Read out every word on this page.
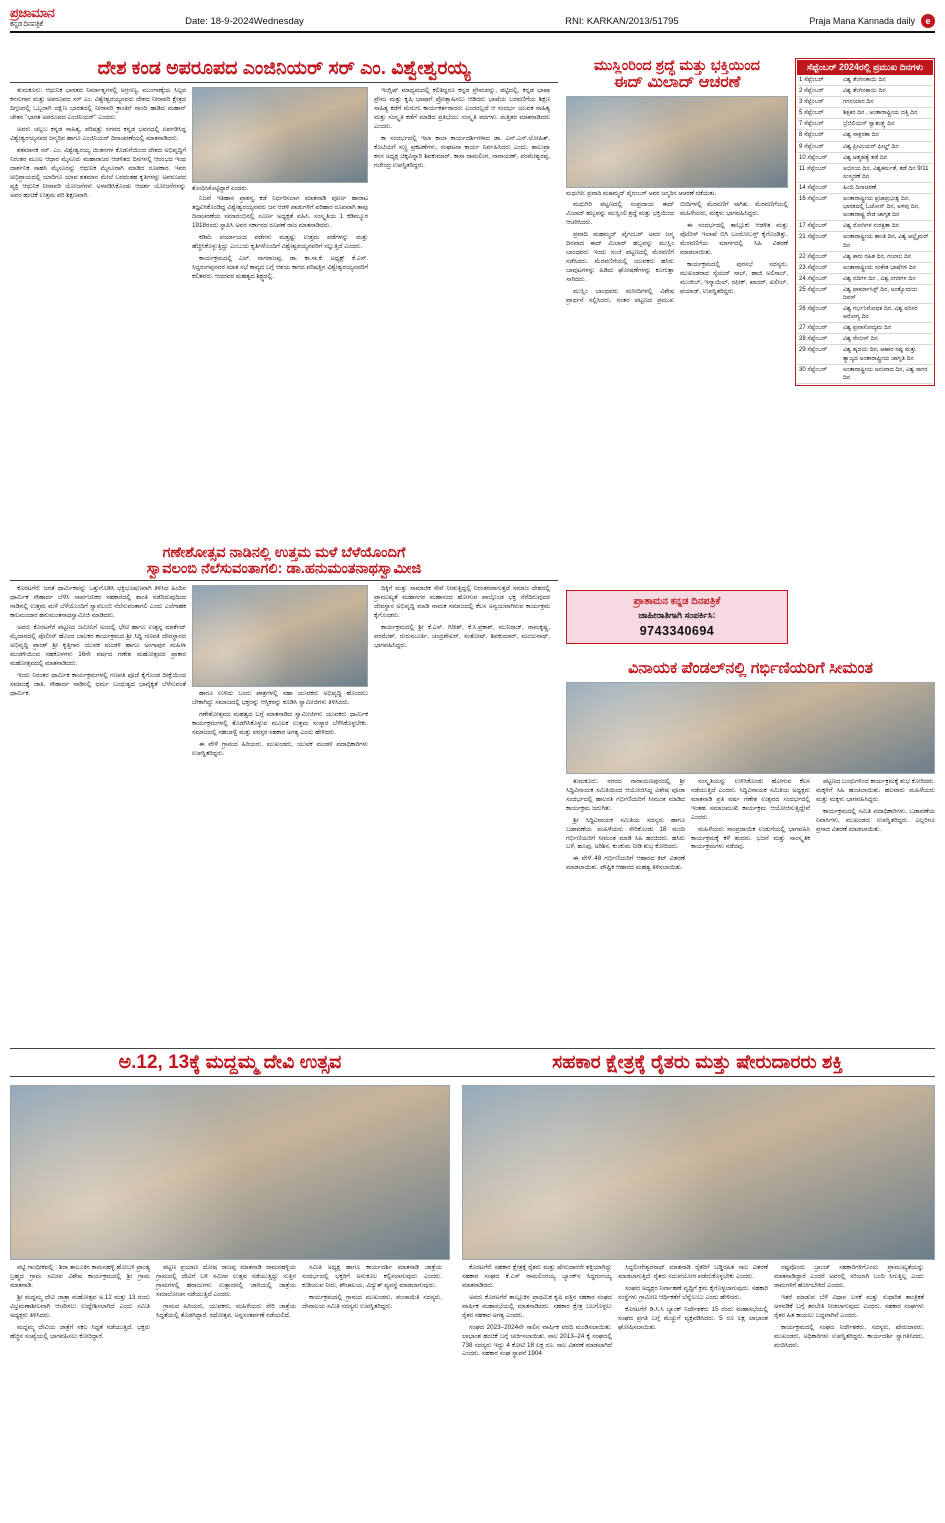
ಪ್ರಜಾಮಾನ
ಕನ್ನಡ ದಿನಪತ್ರಿಕೆ	Date: 18-9-2024Wednesday	RNI: KARKAN/2013/51795	Praja Mana Kannada daily	e
ದೇಶ ಕಂಡ ಅಪರೂಪದ ಎಂಜಿನಿಯರ್ ಸರ್ ಎಂ. ವಿಶ್ವೇಶ್ವರಯ್ಯ

ತುಮಕೂರು: ಆಧುನಿಕ ಭಾರತದ ನಿರ್ಮಾತೃಗಳಲ್ಲಿ ಅಗ್ರಗಣ್ಯ, ಮುಂಗಾಣ್ಕೆಯ ಸಿಲ್ಪದ ಕನಸುಗಾರ ಮತ್ತು ಅಪರೂಪದ ಸರ್ ಎಂ. ವಿಶ್ವೇಶ್ವರಯ್ಯನವರು ದೇಶದ ನೀರಾವರಿ ಕ್ಷೇತ್ರದ ದಿಗ್ಗಜರಲ್ಲಿ ಒಬ್ಬರಾಗಿ ದಕ್ಷಿಣ ಭಾರತದಲ್ಲಿ ನೀರಾವರಿ ಕ್ರಾಂತಿಗೆ ನಾಂದಿ ಹಾಡಿದ ಮಹಾನ್ ಚೇತನ "ಭಾರತ ಅಪರೂಪದ ಎಂಜಿನಿಯರ್" ಎಂದರು.

ಅವರು ಚಲ್ಲಬ ಕನ್ನಡ ಸಾಹಿತ್ಯ, ಪರಿಷತ್ತು ನಗರದ ಕನ್ನಡ ಭವನದಲ್ಲಿ ಏರ್ಪಡಿಸಿದ್ದ ವಿಶ್ವೇಶ್ವರಯ್ಯನವರ ಜನ್ಮದಿನ ಹಾಗೂ ಎಂಜಿನಿಯರ್ ದಿನಾಚರಣೆಯಲ್ಲಿ ಮಾತನಾಡಿದರು.

ಶತಮಾನಕ ಸರ್. ಎಂ. ವಿಶ್ವೇಶ್ವರಯ್ಯ ಚಿಂತನಗಳ ಕೊಡುಗೆಯಿಂದ ದೇಶದ ಅಭಿವೃದ್ಧಿಗೆ ನಿರಂತರ ಮೂಲ ಆಧಾರ ಮೈಸೂರು ಮಹಾರಾಜರ ಆಡಳಿತದ ದಿನಗಳಲ್ಲಿ ಆರಂಭದ ಇಂಥ ದಾರ್ಶನಿಕ ಸಾಹಸಿ ಮೈಸೂರನ್ನು ಆಧುನಿಕ ಮೈಸೂರಾಗಿ ಮಾಡಿದ ರೂಪಕಾರ. ಇವರ ಅಭಿಪ್ರಾಯದಲ್ಲಿ ಯಾರಿಗೂ ಯಾವ ಶತಮಾನ ಮೇಲೆ ಬರದಂತಹ ಕೃತಿಗಳನ್ನು ಅಪರೂಪದ ವ್ಯಕ್ತಿ ಆಧುನಿಕ ನೀರಾವರಿ ಯೋಜನೆಗಳು ಅಳವಡಿಸಿಕೊಂಡು ಆದರ್ಶ ಯೋಜನೆಗಳನ್ನು ಅವರ ಹಂಚಿಕೆ ಉತ್ತಮ ಪರಿ ಶಿಕ್ಷಣವಾಗಿ.

ಶೋಧಿಸಿಕೊಟ್ಟಿದ್ದಾರೆ ಎಂದರು.

ನಿಜವೆ ಇತಿಹಾಸ ಪ್ರಾಶಸ್ತ್ಯ ಕಡೆ ನಿರ್ಧರಿಸಲಾಗ ಮಾತನಾಡಿ ಪೂರ್ಣ ಹಾರಾಟ ತಜ್ಞವಿಸಿಕೊಂಡಿದ್ದ ವಿಶ್ವೇಶ್ವರಯ್ಯನವರು ಜನ ಆಡಳಿ ಪಾಡುಗಳಿಗೆ ಪರಿಹಾರ ರೂಪವಾಗಿ ತಾವು ದಿನಾಚರಣೆಯ ಸಮಾರಂಭಿನಲ್ಲಿ ಸೂರ್ಣ ಅಧ್ಯಕ್ಷತೆ ವಹಿಸಿ. ಸಂಸ್ಕೃತಿಯ 1 ಕಡಿಮ್ಮೂರ 1918ರಂದು ಸ್ಥಾಪಿಸಿ ಅವರ ಸರ್ಕಾರದ ರೂಪಣೆ ರಾಜ ಮಾತನಾಡಿದರು.

ಕಡಿಮೆ ಪರ್ಯಾಯದ ಪಡೆಗಳು ಮತ್ತಷ್ಟು ಉತ್ತಮ ಪಡೆಗಳನ್ನು ಮತ್ತು ಹೆಚ್ಚಿಸಿಕೊಳ್ಳುತ್ತಿದ್ದು ಎಂಬುದು ಕೃತಿಗಳೊಂದಿಗೆ ವಿಶ್ವೇಶ್ವರಯ್ಯನವರಿಗೆ ಸಲ್ಲುತ್ತಿದೆ ಎಂದರು.

ಕಾರ್ಯಕ್ರಮದಲ್ಲಿ ಎಲ್. ನಾಗರಾಜಪ್ಪ, ಡಾ. ಕಾ.ಸಾ.ಕೆ. ಅಧ್ಯಕ್ಷ್ ಕೆ.ಎಸ್. ಸಿದ್ದರಂಗಪ್ಪನವರ ಮಾತ ಸಭೆ ಕಾವ್ಯದ ಬಗ್ಗೆ ಆಶಯ ಕಾಗದ ಪರಿಷತ್ತಿನ ವಿಶ್ವೇಶ್ವರಯ್ಯನವರಿಗೆ ಕಲಿತವರು. ಆದರವರ ಮಹತ್ವದ ಶಿಕ್ಷ್ಣದಲ್ಲಿ.

ಇಂಗ್ಲಿಷ್ ಮಾಧ್ಯಮದಲ್ಲಿ ಕಲಿತಿದ್ದರೂ ಕನ್ನಡ ಪ್ರೇಮವನ್ನು, ಪಟ್ಟಿದಲ್ಲಿ, ಕನ್ನಡ ಭಾಷಾ ಪ್ರೇಮ ಮತ್ತು ಕೃಷಿ ಭಾಷಾಗೆ ಪ್ರೋತ್ಸಾಹಿಸಲು ಆಡಿದರು ಭಾಷೆಯ ಬರವಣಿಗೆಯ ಶಿಕ್ಷಣ ಸಾಹಿತ್ಯ ಕಡೆಗೆ ಮೆರುಗು ಕಾರ್ಯಕರ್ತರಾದರು ಎಂದರಲ್ಲದೆ ಆ ಸಂದರ್ಭ ಯುವಕ ಸಾಹಿತ್ಯ ಮತ್ತು ಸಂಸ್ಕೃತಿ ಕಡೆಗೆ ಮಾಡಿದ ಪ್ರತಿಭೆಯು ಸಂಸ್ಕೃತಿ ಪದಗಳು. ಮತ್ತಿತರ ಮಾತನಾಡಿದರು ಎಂದರು.

ಕಾ ಸಂದರ್ಭದಲ್ಲಿ ಇಲಾ ಕಾಲಾ ಕಾರ್ಯದರ್ಶಿಗಳಾದ ಡಾ. ಎನ್.ಎಸ್.ಲೋಹಿತ್, ಕೊಟಿಯಗೆ ಸಣ್ಣ ಪ್ರಕಟಣೆಗಳು, ಸಂಘಟನಾ ಕಾರ್ಯ ನಿರ್ವಹಿಸಿದರು ಎಂದು. ಶಾಲುಪ್ರಾ ಕನಸ ಅಧ್ಯಕ್ಷ ಚಿಕ್ಕವಿನ್ನಾರಿ ಶಿವಕುಮಾರ್, ಕಾಸಾ ರಾಮಲಿಂಗ, ನಾರಾಯಣ್, ಪರಮೇಶ್ವರಪ್ಪ, ಗಜೇಂದ್ರ ಉಪಸ್ಥಿತರಿದ್ದರು.

ಮುಸ್ಲಿಂರಿಂದ ಶ್ರದ್ಧೆ ಮತ್ತು ಭಕ್ತಿಯಿಂದ
ಈದ್ ಮಿಲಾದ್ ಆಚರಣೆ
ಮಧುಗಿರಿ: ಪ್ರವಾದಿ ಮಹಮ್ಮದ್ ಪೈಗಂಬರ್ ಅವರ ಜನ್ಮದಿನ ಆಚರಣೆ ನಡೆಯಿತು.

ಮಧುಗಿರಿ ಪಟ್ಟಣದಲ್ಲಿ ಸಂಪ್ರದಾಯ ಈದ್ ಮಿಲಾದ್ ಹಬ್ಬವನ್ನು ಮುಸ್ಲಿಂಲಿ ಶ್ರದ್ಧೆ ಮತ್ತು ಭಕ್ತಿಯಿಂದ ಆಚರಿಸಿದರು.

ಪ್ರವಾದಿ ಮಹಮ್ಮದ್ ಪೈಗಂಬರ್ ಅವರ ಜನ್ಮ ದಿನವಾದ ಈದ್ ಮಿಲಾದ್ ಹಬ್ಬವನ್ನು ಮುಸ್ಲಿಂ ಬಾಂಧವರು ಇಂದು ಸಂಜೆ ಪಟ್ಟಣದಲ್ಲಿ ಮೆರವಣಿಗೆ ನಡೆಸಿದರು. ಮೆರವಣಿಗೆಯಲ್ಲಿ ಯುವಕರು ಹಸಿರು ಬಾವುಟಗಳನ್ನು ಹಿಡಿದು ಘೋಷಣೆಗಳನ್ನು ಕೂಗುತ್ತಾ ಸಾಗಿದರು.

ಮುಸ್ಲಿಂ ಬಾಂಧವರು ಮಸೀದಿಗಳಲ್ಲಿ ವಿಶೇಷ ಪ್ರಾರ್ಥನೆ ಸಲ್ಲಿಸಿದರು. ನಂತರ ಪಟ್ಟಣದ ಪ್ರಮುಖ ಬೀದಿಗಳಲ್ಲಿ ಮೆರವಣಿಗೆ ಸಾಗಿತು. ಮೆರವಣಿಗೆಯಲ್ಲಿ ಮಹಿಳೆಯರು, ಮಕ್ಕಳು ಭಾಗವಹಿಸಿದ್ದರು.

ಈ ಸಂದರ್ಭದಲ್ಲಿ ತಾಲ್ಲೂಕು ಆಡಳಿತ ಮತ್ತು ಪೊಲೀಸ್ ಇಲಾಖೆ ಬಿಗಿ ಬಂದೋಬಸ್ತ್ ಕೈಗೊಂಡಿತ್ತು. ಮೆರವಣಿಗೆಯ ಮಾರ್ಗದಲ್ಲಿ ಸಿಹಿ ವಿತರಣೆ ಮಾಡಲಾಯಿತು.

ಕಾರ್ಯಕ್ರಮದಲ್ಲಿ ಪುರಸಭೆ ಸದಸ್ಯರು, ಮುಖಂಡರಾದ ಸೈಯದ್ ಸಾಬ್, ಹಾಜಿ ಅಲಿಸಾಬ್, ಮುಜೀಬ್, ಇಸ್ಮಾಯಿಲ್, ರಫೀಕ್, ಖಾದರ್, ಖಲೀಲ್, ಫಯಾಜ್, ಉಪಸ್ಥಿತರಿದ್ದರು.

ಸೆಪ್ಟೆಂಬರ್ 2024ರಲ್ಲಿ ಪ್ರಮುಖ ದಿನಗಳು
1 ಸೆಪ್ಟೆಂಬರ್	ವಿಶ್ವ ತೆಂಗಿನಕಾಯಿ ದಿನ
2 ಸೆಪ್ಟೆಂಬರ್	ವಿಶ್ವ ತೆಂಗಿನಕಾಯಿ ದಿನ
3 ಸೆಪ್ಟೆಂಬರ್	ಗಗನಯಾನ ದಿನ
5 ಸೆಪ್ಟೆಂಬರ್	ಶಿಕ್ಷಕರ ದಿನ , ಅಂತಾರಾಷ್ಟ್ರೀಯ ದತ್ತಿ ದಿನ
7 ಸೆಪ್ಟೆಂಬರ್	ಬ್ರೆಜಿಲಿಯನ್ ಸ್ವಾತಂತ್ರ್ಯ ದಿನ
8 ಸೆಪ್ಟೆಂಬರ್	ವಿಶ್ವ ಸಾಕ್ಷರತಾ ದಿನ
9 ಸೆಪ್ಟೆಂಬರ್	ವಿಶ್ವ ಪ್ರೀಮಿಯರ್ ಫೀಲ್ಡ್ ದಿನ
10 ಸೆಪ್ಟೆಂಬರ್	ವಿಶ್ವ ಆತ್ಮಹತ್ಯೆ ತಡೆ ದಿನ
11 ಸೆಪ್ಟೆಂಬರ್	ಅಭಿನಯ ದಿನ, ವಿಶ್ವಕರ್ಮತೆ, ತಡೆ ದಿನ 9/11 ಸಂಸ್ಮರಣೆ ದಿನ
14 ಸೆಪ್ಟೆಂಬರ್	ಹಿಂದಿ ದಿನಾಚರಣೆ
16 ಸೆಪ್ಟೆಂಬರ್	ಅಂತಾರಾಷ್ಟ್ರೀಯ ಪ್ರಜಾಪ್ರಭುತ್ವ ದಿನ, ಭಾರತದಲ್ಲಿ ಓಜೋನ್ ದಿನ, ಅಳಿವು ದಿನ, ಅಂತಾರಾಷ್ಟ್ರ ರೇಡ ಜಾಗೃತ ದಿನ
17 ಸೆಪ್ಟೆಂಬರ್	ವಿಶ್ವ ರೋಗಿಗಳ ಸುರಕ್ಷತಾ ದಿನ
21 ಸೆಪ್ಟೆಂಬರ್	ಅಂತಾರಾಷ್ಟ್ರೀಯ ಶಾಂತಿ ದಿನ, ವಿಶ್ವ ಆಲ್ಝೈಮರ್ ದಿನ
22 ಸೆಪ್ಟೆಂಬರ್	ವಿಶ್ವ ಕಾರು ರಹಿತ ದಿನ, ಗುಲಾಬಿ ದಿನ
23 ಸೆಪ್ಟೆಂಬರ್	ಅಂತಾರಾಷ್ಟ್ರೀಯ ಸಂಕೇತ ಭಾಷೆಗಳ ದಿನ
24 ಸೆಪ್ಟೆಂಬರ್	ವಿಶ್ವ ನದಿಗಳ ದಿನ , ವಿಶ್ವ ನಗರಗಳ ದಿನ
25 ಸೆಪ್ಟೆಂಬರ್	ವಿಶ್ವ ಫಾರ್ಮಾಸಿಸ್ಟ್ ದಿನ, ಅಂತ್ಯೋದಯ ದಿವಸ್
26 ಸೆಪ್ಟೆಂಬರ್	ವಿಶ್ವ ಗರ್ಭನಿರೋಧಕ ದಿನ, ವಿಶ್ವ ಪರಿಸರ ಆರೋಗ್ಯ ದಿನ
27 ಸೆಪ್ಟೆಂಬರ್	ವಿಶ್ವ ಪ್ರವಾಸೋದ್ಯಮ ದಿನ
28 ಸೆಪ್ಟೆಂಬರ್	ವಿಶ್ವ ರೇಬೀಸ್ ದಿನ
29 ಸೆಪ್ಟೆಂಬರ್	ವಿಶ್ವ ಹೃದಯ ದಿನ, ಆಹಾರ ನಷ್ಟ ಮತ್ತು ತ್ಯಾಜ್ಯದ ಅಂತಾರಾಷ್ಟ್ರೀಯ ಜಾಗೃತಿ ದಿನ
30 ಸೆಪ್ಟೆಂಬರ್	ಅಂತಾರಾಷ್ಟ್ರೀಯ ಅನುವಾದ ದಿನ, ವಿಶ್ವ ಸಾಗರ ದಿನ
ಗಣೇಶೋತ್ಸವ ನಾಡಿನಲ್ಲಿ ಉತ್ತಮ ಮಳೆ ಬೆಳೆಯೊಂದಿಗೆ
ಸ್ವಾವಲಂಬಿ ನೆಲೆಸುವಂತಾಗಲಿ: ಡಾ.ಹನುಮಂತನಾಥಸ್ವಾಮೀಜಿ

ಕೊರಟಗೆರೆ: ಜನತೆ ಧಾರ್ಮಿಕವನ್ನು ಒತ್ತುಗೊಡಿಸಿ ಭಕ್ತಿಭೂಷಣವಾಗಿ ತಿಳಿಸಿದ ಹಿಂದಿನ ಧಾರ್ಮಿಕ ಸೌಹಾರ್ದ ಬೆಳೆಸಿ ಸಾರ್ವಜನಿಕರ ಸಹಕಾರದಲ್ಲಿ ಶಾಂತಿ ನಡೆದಿರುವುದಿಂದ ನಾಡಿನಲ್ಲಿ ಉತ್ತಮ ಮಳೆ ಬೆಳೆಯೊಂದಿಗೆ ಸ್ವಾವಲಂಬಿ ನೆಲೆಸುವಂತಾಗಲಿ ಎಂದು ಎಲೆಗಾಹಕ ಕಾಲಮಂದಾರ ಹನುಮಂತನಾಥಸ್ವಾಮೀಜಿ ಮಾಡಿದರು.

ಅವರು ಕೊರಟಗೆರೆ ಪಟ್ಟಣದ ಜಮೀನಿಗೆ ಅಂದಲ್ಲಿ ಭೇಟಿ ಹಾಗೂ ಉತ್ಪನ್ನ ಮಾರ್ಕೆಟ್ ಮೈದಾನದಲ್ಲಿ ಪೊಲೀಸ್ ಹೊಂದ ಬಾಲಕರ ಕಾರ್ಯಕ್ರಮದ ಶ್ರೀ ಸಿದ್ಧಿ ಗಣಪತಿ ದೇವಸ್ಥಾನದ ಅಭಿವೃದ್ಧಿ ಪ್ರಾಂಶ್ ಶ್ರೀ ಕೃತ್ತಿಗಾರ ಯುವಕ ಮಂಡಳಿ ಹಾಗೂ ಅಂಗಾಪುರ ಮಹಿಳಾ ಮಂಡಳಿಯಿಂದ ಸಹಕೊಳಗಳು 16ನೇ ವರ್ಷದ ಗಣೇಶ ಮಹೋತ್ಸವದ ಪ್ರಾಕಾರ ಮಹೋತ್ಸವದಲ್ಲಿ ಮಾತನಾಡಿದರು.

ಇಂದು ನಿರಂತರ ಧಾರ್ಮಿಕ ಕಾರ್ಯಕ್ರಮಗಳಲ್ಲಿ ಗಣಪತಿ ಪೂಜೆ ಕೈಗೊಂಡ ದೀಕ್ಷೆಯಿಂದ ಸಮಾಜಕ್ಕೆ ಜಾತಿ, ಸೌಹಾರ್ದ ನಾಡಿನಲ್ಲಿ ಧರ್ಮ ಬಂಧುತ್ವದ ಭಾವೈಕ್ಯತೆ ಬೆಳೆಸುವಂತೆ ಧಾರ್ಮಿಕ.	ಹಾಗೂ ಉಳಿದು ಬಂದು ಪಾತ್ರಗಳಲ್ಲಿ ಸಹಾ ಯುವಕರು ಅಭಿವೃದ್ಧಿ ಹೊಂದಲು ಬೇಕಾಗಿದ್ದು ಸಮಾಜದಲ್ಲಿ ಭಕ್ತರನ್ನು ಆಸ್ತಿಕರನ್ನು ಕೂಡಿಸಿ ಸ್ವಾಮೀಜಿಗಳು ತಿಳಿಸಿದರು.

ಗಣೇಶೋತ್ಸವದ ಮಹತ್ವದ ಬಗ್ಗೆ ಮಾತನಾಡಿದ ಸ್ವಾಮೀಜಿಗಳು ಯುವಕರು ಧಾರ್ಮಿಕ ಕಾರ್ಯಕ್ರಮಗಳಲ್ಲಿ ತೊಡಗಿಸಿಕೊಳ್ಳುವ ಮೂಲಕ ಉತ್ತಮ ಸಂಸ್ಕಾರ ಬೆಳೆಸಿಕೊಳ್ಳಬೇಕು. ಸಮಾಜದಲ್ಲಿ ಸಹಬಾಳ್ವೆ ಮತ್ತು ಪರಸ್ಪರ ಸಹಕಾರ ಅಗತ್ಯ ಎಂದು ಹೇಳಿದರು.

ಈ ವೇಳೆ ಗ್ರಾಮದ ಹಿರಿಯರು, ಮುಖಂಡರು, ಯುವಕ ಮಂಡಳಿ ಪದಾಧಿಕಾರಿಗಳು ಉಪಸ್ಥಿತರಿದ್ದರು.

ದಿಕ್ಕಿಗೆ ಮತ್ತು ಸಾಮಾಜಿಕ ಸೇವೆ ನೀಡುತ್ತಿದ್ದಲ್ಲಿ ನಿರಂತರವಾಗುತ್ತದೆ ಸಮಾಜ ದೇಶದಲ್ಲಿ ಪ್ರಾಮುಖ್ಯತೆ ಮಹಾನಗರ ಮಹಾನಂದ ಹೋಗುವ ಪಾಲ್ಗೊಂಡ ಭಕ್ತ ನೆರೆದಿರುವುದರ ದೇವಸ್ಥಾನ ಅಭಿವೃದ್ಧಿ ಮಾಡಿ ನಾಮಕ ಸಮಾಜದಲ್ಲಿ ಕೆಲಸ ಅನ್ವಯವಾಗಿರುವ ಕಾರ್ಯಕ್ರಮ ಕೈಗೊಂಡರು.

ಕಾರ್ಯಕ್ರಮದಲ್ಲಿ ಶ್ರೀ ಕೆ.ಎಸ್. ಗಿರೀಶ್, ಕೆ.ಸಿ.ಪ್ರಕಾಶ್, ಮುನಿರಾಜ್, ರಾಮಕೃಷ್ಣ, ಪರಮೇಶ್, ಗುರುಮೂರ್ತಿ, ಚಂದ್ರಶೇಖರ್, ಸಂತೋಷ್, ಶಿವಕುಮಾರ್, ಮಂಜುನಾಥ್, ಭಾಗವಹಿಸಿದ್ದರು.

ಪ್ರಾತಾಮನ ಕನ್ನಡ ದಿನಪತ್ರಿಕೆ
ಜಾಹೀರಾತಿಗಾಗಿ ಸಂಪರ್ಕಿಸಿ:
9743340694
ವಿನಾಯಕ ಪೆಂಡಲ್‌ನಲ್ಲಿ ಗರ್ಭಿಣಿಯರಿಗೆ ಸೀಮಂತ

ತುಮಕೂರು: ನಗರದ ನಾರಾಯಣಪುರದಲ್ಲಿ ಶ್ರೀ ಸಿದ್ಧಿವಿನಾಯಕ ಸಮಿತಿಯಿಂದ ಆಯೋಜಿಸಿದ್ದ ವಿಶೇಷ ಪೂಜಾ ಸಂದರ್ಭದಲ್ಲಿ ಹಾಲರತಿ ಗರ್ಭಿಣಿಯರಿಗೆ ಸೀಮಂತ ಮಾಡಿದ ಕಾರ್ಯಕ್ರಮ ಜರುಗಿತು.

ಶ್ರೀ ಸಿದ್ಧಿವಿನಾಯಕ ಸಮಿತಿಯ ಸದಸ್ಯರು ಹಾಗೂ ಬಡಾವಣೆಯ ಮಹಿಳೆಯರು ಸೇರಿಕೊಂಡು 18 ಮಂದಿ ಗರ್ಭಿಣಿಯರಿಗೆ ಸೀಮಂತ ಮಾಡಿ ಸಿಹಿ ಹಂಚಿದರು. ಹಸಿರು ಬಳೆ, ಹೂವು, ಅರಿಶಿನ, ಕುಂಕುಮ ನೀಡಿ ಶುಭ ಕೋರಿದರು.

ಈ ವೇಳೆ 48 ಗರ್ಭಿಣಿಯರಿಗೆ ಆಹಾರದ ಕಿಟ್ ವಿತರಣೆ ಮಾಡಲಾಯಿತು. ಪೌಷ್ಟಿಕ ಆಹಾರದ ಮಹತ್ವ ತಿಳಿಸಲಾಯಿತು.

ಸಂಸ್ಕೃತಿಯನ್ನು ಉಳಿಸಿಕೊಂಡು ಹೋಗುವ ಕೆಲಸ ನಡೆಯುತ್ತಿದೆ ಎಂದರು. ಸಿದ್ಧಿವಿನಾಯಕ ಸಮಿತಿಯ ಅಧ್ಯಕ್ಷರು ಮಾತನಾಡಿ ಪ್ರತಿ ವರ್ಷ ಗಣೇಶ ಉತ್ಸವದ ಸಂದರ್ಭದಲ್ಲಿ ಇಂತಹ ಸಮಾಜಮುಖಿ ಕಾರ್ಯಕ್ರಮ ಆಯೋಜಿಸುತ್ತಿದ್ದೇವೆ ಎಂದರು.

ಮಹಿಳೆಯರು ಸಾಂಪ್ರದಾಯಿಕ ಉಡುಗೆಯಲ್ಲಿ ಭಾಗವಹಿಸಿ ಕಾರ್ಯಕ್ರಮಕ್ಕೆ ಕಳೆ ತಂದರು. ಭಜನೆ ಮತ್ತು ಸಾಂಸ್ಕೃತಿಕ ಕಾರ್ಯಕ್ರಮಗಳು ನಡೆದವು.

ಪಟ್ಟಣದ ಬಂಧುಗಳಿಂದ ಕಾರ್ಯಕ್ರಮಕ್ಕೆ ಶುಭ ಕೋರಿದರು. ಮಕ್ಕಳಿಗೆ ಸಿಹಿ ಹಂಚಲಾಯಿತು. ಹಲವಾರು ಮಹಿಳೆಯರು ಮತ್ತು ಮಕ್ಕಳು ಭಾಗವಹಿಸಿದ್ದರು.

ಕಾರ್ಯಕ್ರಮದಲ್ಲಿ ಸಮಿತಿ ಪದಾಧಿಕಾರಿಗಳು, ಬಡಾವಣೆಯ ನಿವಾಸಿಗಳು, ಮುಖಂಡರು ಉಪಸ್ಥಿತರಿದ್ದರು. ಎಲ್ಲರಿಗೂ ಪ್ರಸಾದ ವಿತರಣೆ ಮಾಡಲಾಯಿತು.

ಅ.12, 13ಕ್ಕೆ ಮದ್ದಮ್ಮ ದೇವಿ ಉತ್ಸವ	ಸಹಕಾರ ಕ್ಷೇತ್ರಕ್ಕೆ ರೈತರು ಮತ್ತು ಷೇರುದಾರರು ಶಕ್ತಿ

ಪಟ್ಟಿ ಗಾಂಧೀಕಪಲ್ಲಿ : ಶಿರಾ ತಾಲೂಕಿನ ಕಾಮನಹಳ್ಳಿ ಹೋಬಳಿ ಪ್ರಾಂತ್ಯ ಬ್ರಹ್ಮದ ಗ್ರಾಮ ಸಮೀಪ ವಿಶೇಷ ಕಾರ್ಯಕ್ರಮದಲ್ಲಿ ಶ್ರೀ ಗ್ರಾಮ ಮಾತನಾಡಿ.

ಶ್ರೀ ಮದ್ದಮ್ಮ ದೇವಿ ಜಾತ್ರಾ ಮಹೋತ್ಸವ ಅ.12 ಮತ್ತು 13 ರಂದು ವಿಭ್ರಮಣಾಶೀಲವಾಗಿ ಆಚರಿಸಲು ಉದ್ದೇಶಿಸಲಾಗಿದೆ ಎಂದು ಸಮಿತಿ ಅಧ್ಯಕ್ಷರು ತಿಳಿಸಿದರು.

ಮದ್ದಮ್ಮ ದೇವಿಯ ಜಾತ್ರೆಗೆ ಸಕಲ ಸಿದ್ಧತೆ ನಡೆಯುತ್ತಿದೆ. ಭಕ್ತರು ಹೆಚ್ಚಿನ ಸಂಖ್ಯೆಯಲ್ಲಿ ಭಾಗವಹಿಸಲು ಕೋರಿದ್ದಾರೆ.

ಪಟ್ಟಣ ಪ್ರಯಾಣ ದೋಷ ರಾಜಪ್ಪ ಮಾತನಾಡಿ ರಾಮನಹಳ್ಳಿಯ ಗ್ರಾಮದಲ್ಲಿ ದೇವಿಗೆ ಬಳಿ ಸಮೀಪ ಉತ್ಸವ ನಡೆಯುತ್ತಿದ್ದು ಸುತ್ತಿನ ಗ್ರಾಮಗಳಲ್ಲಿ ಹರಾಜುಗಳು ಉತ್ಪಾದನಲ್ಲಿ ಜಾರಿಯಲ್ಲಿ ಜಾತ್ರೆಯ ಸಮಾಲೋಚನ ನಡೆಯುತ್ತಿದೆ ಎಂದರು.

ಗ್ರಾಮದ ಹಿರಿಯರು, ಯುವಕರು, ಮಹಿಳೆಯರು ಸೇರಿ ಜಾತ್ರೆಯ ಸಿದ್ಧತೆಯಲ್ಲಿ ತೊಡಗಿದ್ದಾರೆ. ರಥೋತ್ಸವ, ಅನ್ನಸಂತರ್ಪಣೆ ನಡೆಯಲಿದೆ.

ಸಮಿತಿ ಅಧ್ಯಕ್ಷ ಹಾಗೂ ಕಾರ್ಯದರ್ಶಿ ಮಾತನಾಡಿ ಜಾತ್ರೆಯ ಸಂದರ್ಭದಲ್ಲಿ ಭಕ್ತರಿಗೆ ಅನುಕೂಲ ಕಲ್ಪಿಸಲಾಗುವುದು ಎಂದರು. ಕುಡಿಯುವ ನೀರು, ಶೌಚಾಲಯ, ವಿದ್ಯುತ್ ವ್ಯವಸ್ಥೆ ಮಾಡಲಾಗುವುದು.

ಕಾರ್ಯಕ್ರಮದಲ್ಲಿ ಗ್ರಾಮದ ಮುಖಂಡರು, ಪಂಚಾಯಿತಿ ಸದಸ್ಯರು, ದೇವಾಲಯ ಸಮಿತಿ ಸದಸ್ಯರು ಉಪಸ್ಥಿತರಿದ್ದರು.

ಕೊರಟಗೆರೆ: ಸಹಕಾರ ಕ್ಷೇತ್ರಕ್ಕೆ ರೈತರು ಮತ್ತು ಷೇರುದಾರರೇ ಶಕ್ತಿಯಾಗಿದ್ದು ಸಹಕಾರ ಸಂಘದ ಕೆ.ಎಸ್ ರಾಮಲಿಂಗಯ್ಯ ಬ್ಯಾಂಕ್‌ನ ಸಿದ್ಧಗಂಗಯ್ಯ ಮಾತನಾಡಿದರು.

ಅವರು ಕೊರಟಗೆರೆ ತಾಲ್ಲೂಕಿನ ಪ್ರಾಥಮಿಕ ಕೃಷಿ ಪತ್ತಿನ ಸಹಕಾರ ಸಂಘದ ವಾರ್ಷಿಕ ಮಹಾಸಭೆಯಲ್ಲಿ ಮಾತನಾಡಿದರು. ಸಹಕಾರ ಕ್ಷೇತ್ರ ಬಲಗೊಳ್ಳಲು ರೈತರ ಸಹಕಾರ ಅಗತ್ಯ ಎಂದರು.

ಸಂಘದ 2023–2024ನೇ ಸಾಲಿನ ವಾರ್ಷಿಕ ವರದಿ ಮಂಡಿಸಲಾಯಿತು. ಲಾಭಾಂಶ ಹಂಚಿಕೆ ಬಗ್ಗೆ ಚರ್ಚಿಸಲಾಯಿತು. ಸಾಲ 2013–24 ಕ್ಕೆ ಸಂಘದಲ್ಲಿ 738 ಸದಸ್ಯರು ಇದ್ದು 4 ಕೋಟಿ 18 ಲಕ್ಷ ರೂ. ಸಾಲ ವಿತರಣೆ ಮಾಡಲಾಗಿದೆ ಎಂದರು. ಸಹಕಾರ ಸಂಘ ಸ್ಥಾಪನೆ 1904

ಸಿದ್ಧಲಿಂಗೇಶ್ವರನಾಥ್ ಮಾತನಾಡಿ ರೈತರಿಗೆ ಬಡ್ಡಿರಹಿತ ಸಾಲ ವಿತರಣೆ ಮಾಡಲಾಗುತ್ತಿದೆ. ರೈತರು ಸದುಪಯೋಗ ಪಡೆದುಕೊಳ್ಳಬೇಕು ಎಂದರು.

ಸಂಘದ ಅಧ್ಯಕ್ಷರ ನಿರ್ವಾಹಣೆ ವೃದ್ಧಿಗೆ ಕ್ರಮ ಕೈಗೊಳ್ಳಲಾಗುವುದು. ಸಹಕಾರಿ ಸಂಸ್ಥೆಗಳು ಗ್ರಾಮೀಣ ಆರ್ಥಿಕತೆಗೆ ಬೆನ್ನೆಲುಬು ಎಂದು ಹೇಳಿದರು.

ಕೊರಟಗೆರೆ ಡಿ.ಸಿ.ಸಿ ಬ್ಯಾಂಕ್ ನಿರ್ದೇಶಕರು 15 ರಂದು ಮಹಾಸಭೆಯಲ್ಲಿ ಸಂಘದ ಪ್ರಗತಿ ಬಗ್ಗೆ ಮೆಚ್ಚುಗೆ ವ್ಯಕ್ತಪಡಿಸಿದರು. 5 ರೂ ಲಕ್ಷ ಲಾಭಾಂಶ ಘೋಷಿಸಲಾಯಿತು.

ನಷ್ಟವೊಂದು ಬ್ರಾಂಚ್ ಸಹಕಾರಿಗಳಿಗೊಂದು ಪ್ರಾಮುಖ್ಯತೆಯನ್ನು ಮಾತನಾಡಿದ್ದಾರೆ ಎಂದರೆ ಅವರಲ್ಲಿ ಸರಿಯಾಗಿ ಬಂದಿ ಸಿಗುತ್ತಿಲ್ಲ ಎಂದು ರಾಮಗಳಿಗೆ ಹೋಗಬೇಕಿದೆ ಎಂದರು.

ಇತರೆ ಮಾಡುವ ಬೆಳೆ ವಿಧಾನ ಬಳಕೆ ಮತ್ತು ಸುಧಾರಿತ ತಾಂತ್ರಿಕತೆ ಅಳವಡಿಕೆ ಬಗ್ಗೆ ತರಬೇತಿ ನೀಡಲಾಗುವುದು ಎಂದರು. ಸಹಕಾರ ಸಂಘಗಳು ರೈತರ ಹಿತ ಕಾಯಲು ಬದ್ಧವಾಗಿವೆ ಎಂದರು.

ಕಾರ್ಯಕ್ರಮದಲ್ಲಿ ಸಂಘದ ನಿರ್ದೇಶಕರು, ಸದಸ್ಯರು, ಷೇರುದಾರರು, ಮುಖಂಡರು, ಅಧಿಕಾರಿಗಳು ಉಪಸ್ಥಿತರಿದ್ದರು. ಕಾರ್ಯದರ್ಶಿ ಸ್ವಾಗತಿಸಿದರು, ವಂದಿಸಿದರು.
